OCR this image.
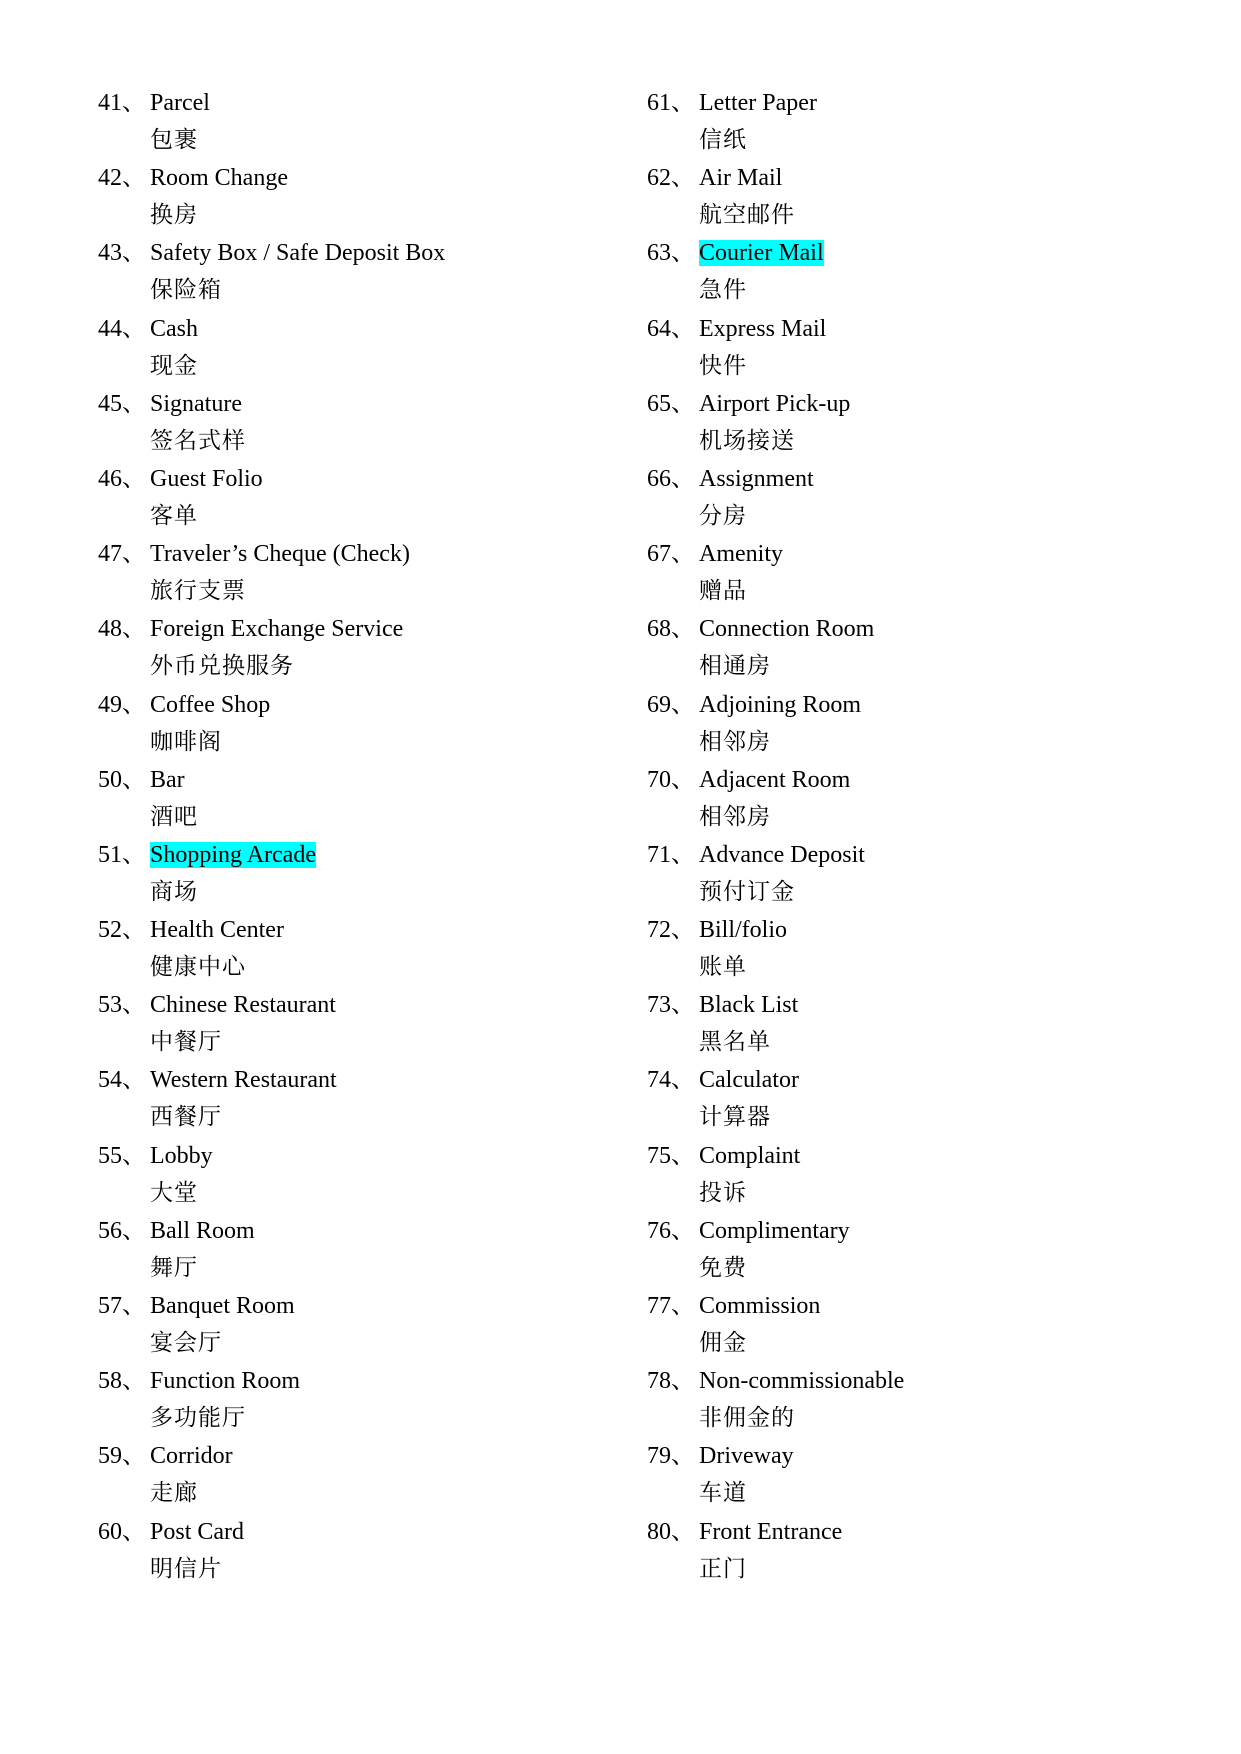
41、 Parcel
包裹
42、 Room Change
换房
43、 Safety Box / Safe Deposit Box
保险箱
44、 Cash
现金
45、 Signature
签名式样
46、 Guest Folio
客单
47、 Traveler’s Cheque (Check)
旅行支票
48、 Foreign Exchange Service
外币兑换服务
49、 Coffee Shop
咖啡阁
50、 Bar
酒吧
51、 Shopping Arcade
商场
52、 Health Center
健康中心
53、 Chinese Restaurant
中餐厅
54、 Western Restaurant
西餐厅
55、 Lobby
大堂
56、 Ball Room
舞厅
57、 Banquet Room
宴会厅
58、 Function Room
多功能厅
59、 Corridor
走廊
60、 Post Card
明信片
61、 Letter Paper
信纸
62、 Air Mail
航空邮件
63、 Courier Mail
急件
64、 Express Mail
快件
65、 Airport Pick-up
机场接送
66、 Assignment
分房
67、 Amenity
赠品
68、 Connection Room
相通房
69、 Adjoining Room
相邻房
70、 Adjacent Room
相邻房
71、 Advance Deposit
预付订金
72、 Bill/folio
账单
73、 Black List
黑名单
74、 Calculator
计算器
75、 Complaint
投诉
76、 Complimentary
免费
77、 Commission
佣金
78、 Non-commissionable
非佣金的
79、 Driveway
车道
80、 Front Entrance
正门
